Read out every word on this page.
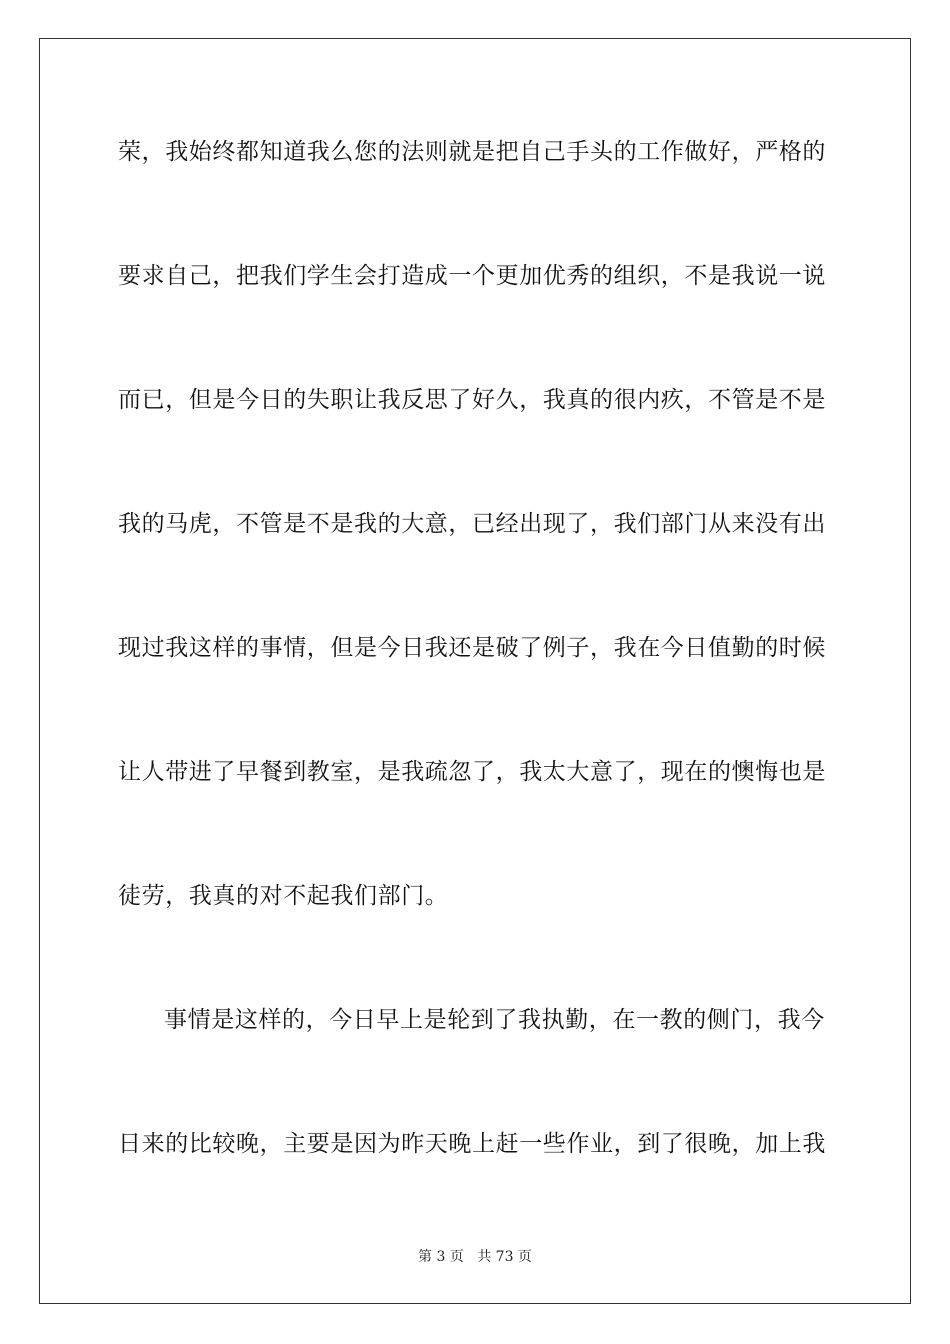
荣，我始终都知道我么您的法则就是把自己手头的工作做好，严格的
要求自己，把我们学生会打造成一个更加优秀的组织，不是我说一说
而已，但是今日的失职让我反思了好久，我真的很内疚，不管是不是
我的马虎，不管是不是我的大意，已经出现了，我们部门从来没有出
现过我这样的事情，但是今日我还是破了例子，我在今日值勤的时候
让人带进了早餐到教室，是我疏忽了，我太大意了，现在的懊悔也是
徒劳，我真的对不起我们部门。
事情是这样的，今日早上是轮到了我执勤，在一教的侧门，我今
日来的比较晚，主要是因为昨天晚上赶一些作业，到了很晚，加上我
第 3 页 共 73 页
